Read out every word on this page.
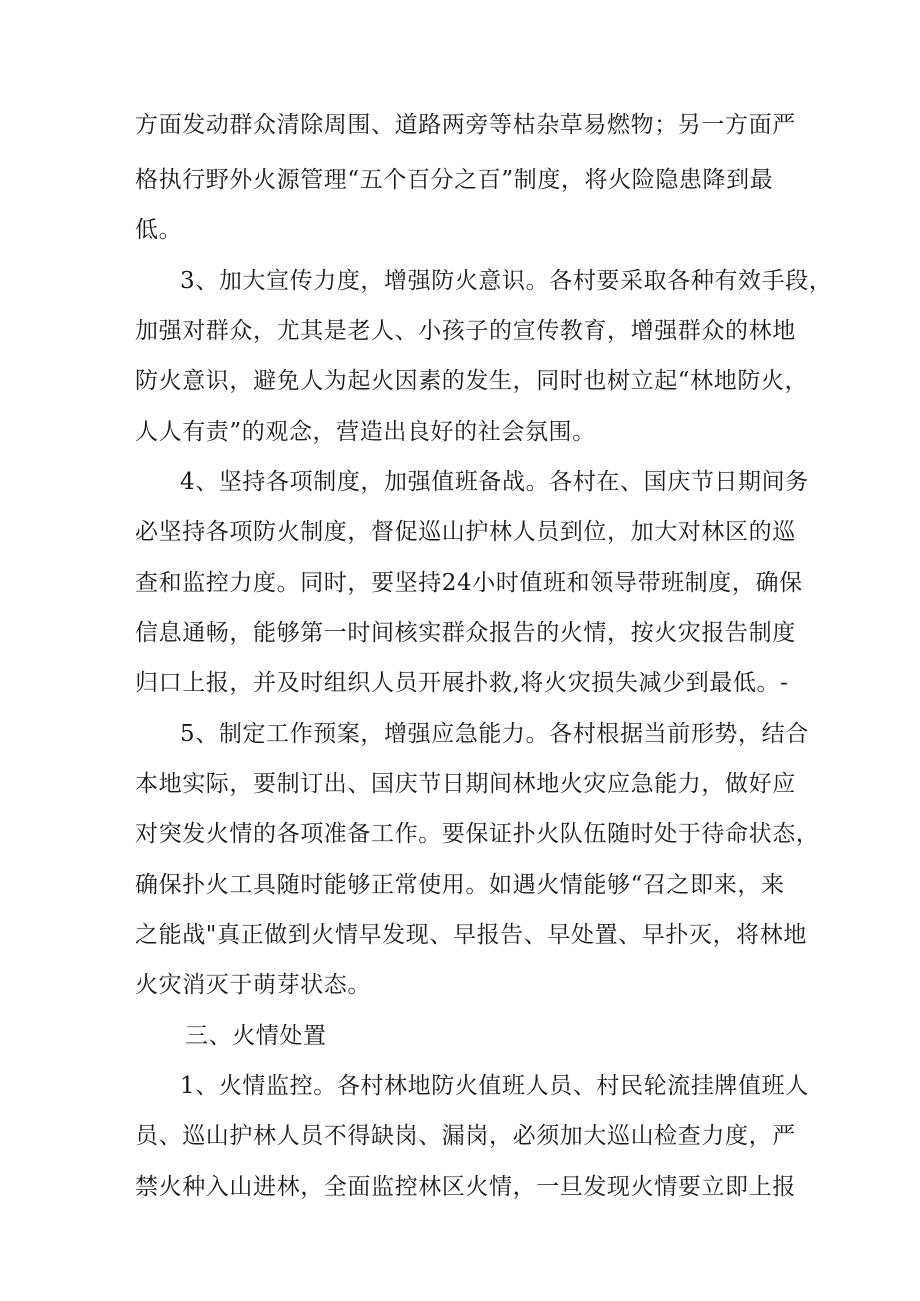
方面发动群众清除周围、道路两旁等枯杂草易燃物；另一方面严
格执行野外火源管理“五个百分之百”制度，将火险隐患降到最
低。
3、加大宣传力度，增强防火意识。各村要采取各种有效手段，
加强对群众，尤其是老人、小孩子的宣传教育，增强群众的林地
防火意识，避免人为起火因素的发生，同时也树立起“林地防火，
人人有责”的观念，营造出良好的社会氛围。
4、坚持各项制度，加强值班备战。各村在、国庆节日期间务
必坚持各项防火制度，督促巡山护林人员到位，加大对林区的巡
查和监控力度。同时，要坚持24小时值班和领导带班制度，确保
信息通畅，能够第一时间核实群众报告的火情，按火灾报告制度
归口上报，并及时组织人员开展扑救,将火灾损失减少到最低。-
5、制定工作预案，增强应急能力。各村根据当前形势，结合
本地实际，要制订出、国庆节日期间林地火灾应急能力，做好应
对突发火情的各项准备工作。要保证扑火队伍随时处于待命状态，
确保扑火工具随时能够正常使用。如遇火情能够“召之即来，来
之能战"真正做到火情早发现、早报告、早处置、早扑灭，将林地
火灾消灭于萌芽状态。
三、火情处置
1、火情监控。各村林地防火值班人员、村民轮流挂牌值班人
员、巡山护林人员不得缺岗、漏岗，必须加大巡山检查力度，严
禁火种入山进林，全面监控林区火情，一旦发现火情要立即上报
